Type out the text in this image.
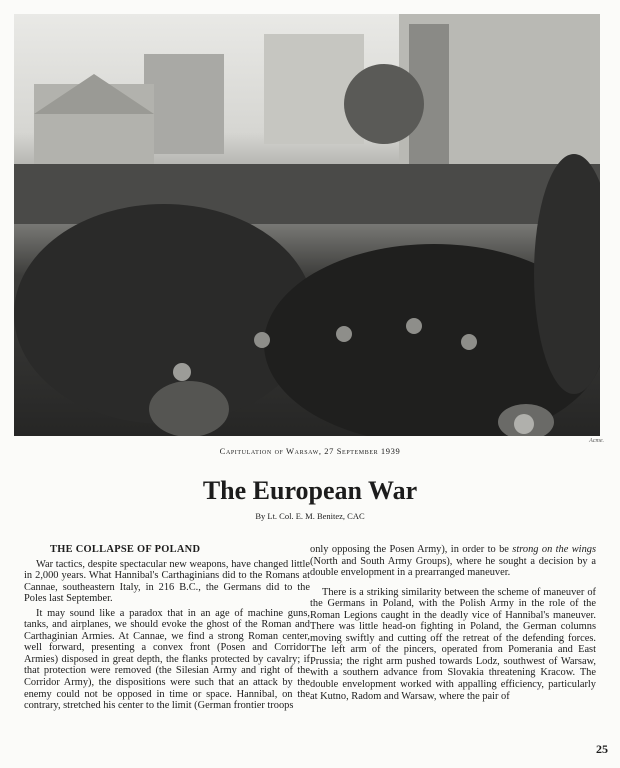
Acme.
Capitulation of Warsaw, 27 September 1939
The European War
By Lt. Col. E. M. Benitez, CAC
THE COLLAPSE OF POLAND

War tactics, despite spectacular new weapons, have changed little in 2,000 years. What Hannibal's Carthaginians did to the Romans at Cannae, southeastern Italy, in 216 B.C., the Germans did to the Poles last September.

It may sound like a paradox that in an age of machine guns, tanks, and airplanes, we should evoke the ghost of the Roman and Carthaginian Armies. At Cannae, we find a strong Roman center, well forward, presenting a convex front (Posen and Corridor Armies) disposed in great depth, the flanks protected by cavalry; if that protection were removed (the Silesian Army and right of the Corridor Army), the dispositions were such that an attack by the enemy could not be opposed in time or space. Hannibal, on the contrary, stretched his center to the limit (German frontier troops

only opposing the Posen Army), in order to be strong on the wings (North and South Army Groups), where he sought a decision by a double envelopment in a prearranged maneuver.

There is a striking similarity between the scheme of maneuver of the Germans in Poland, with the Polish Army in the role of the Roman Legions caught in the deadly vice of Hannibal's maneuver. There was little head-on fighting in Poland, the German columns moving swiftly and cutting off the retreat of the defending forces. The left arm of the pincers, operated from Pomerania and East Prussia; the right arm pushed towards Lodz, southwest of Warsaw, with a southern advance from Slovakia threatening Kracow. The double envelopment worked with appalling efficiency, particularly at Kutno, Radom and Warsaw, where the pair of

25
